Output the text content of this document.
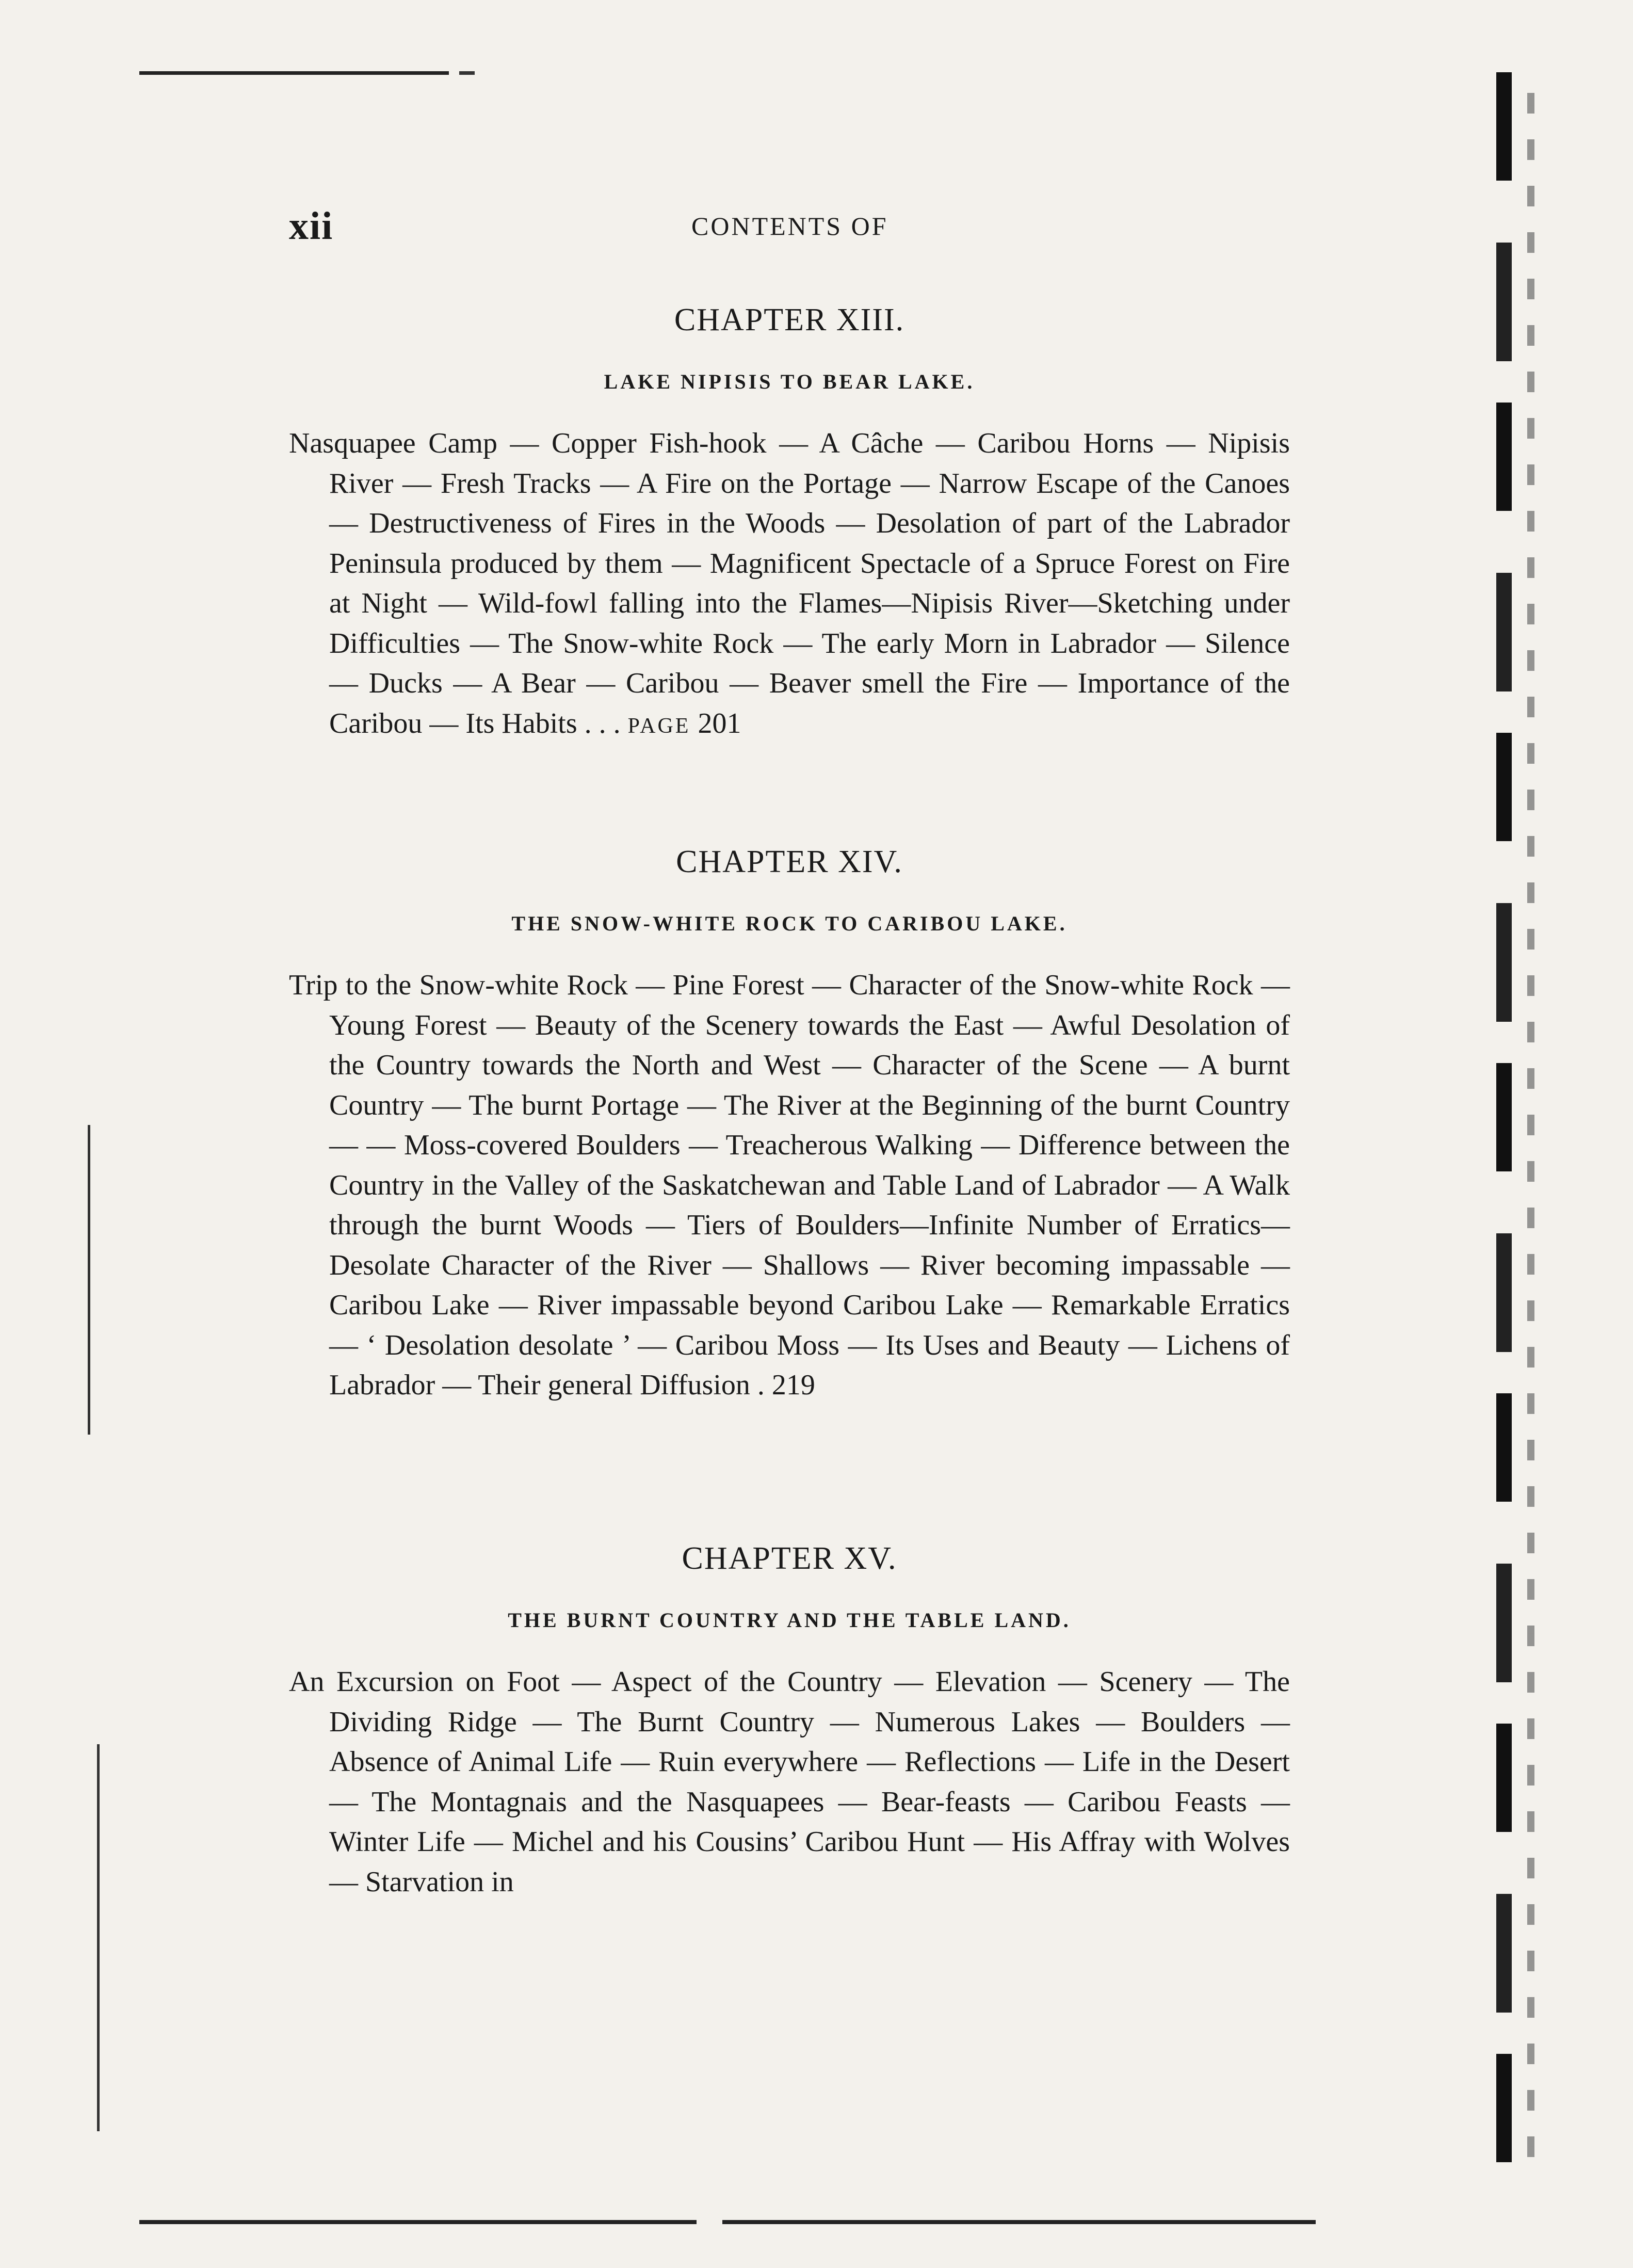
xii	CONTENTS OF
CHAPTER XIII.
LAKE NIPISIS TO BEAR LAKE.

Nasquapee Camp — Copper Fish-hook — A Câche — Caribou Horns — Nipisis River — Fresh Tracks — A Fire on the Portage — Narrow Escape of the Canoes — Destructiveness of Fires in the Woods — Desolation of part of the Labrador Peninsula produced by them — Magnificent Spectacle of a Spruce Forest on Fire at Night — Wild-fowl falling into the Flames—Nipisis River—Sketching under Difficulties — The Snow-white Rock — The early Morn in Labrador — Silence — Ducks — A Bear — Caribou — Beaver smell the Fire — Importance of the Caribou — Its Habits . . . PAGE 201

CHAPTER XIV.
THE SNOW-WHITE ROCK TO CARIBOU LAKE.

Trip to the Snow-white Rock — Pine Forest — Character of the Snow-white Rock — Young Forest — Beauty of the Scenery towards the East — Awful Desolation of the Country towards the North and West — Character of the Scene — A burnt Country — The burnt Portage — The River at the Beginning of the burnt Country — — Moss-covered Boulders — Treacherous Walking — Difference between the Country in the Valley of the Saskatchewan and Table Land of Labrador — A Walk through the burnt Woods — Tiers of Boulders—Infinite Number of Erratics— Desolate Character of the River — Shallows — River becoming impassable — Caribou Lake — River impassable beyond Caribou Lake — Remarkable Erratics — ‘ Desolation desolate ’ — Caribou Moss — Its Uses and Beauty — Lichens of Labrador — Their general Diffusion . 219

CHAPTER XV.
THE BURNT COUNTRY AND THE TABLE LAND.

An Excursion on Foot — Aspect of the Country — Elevation — Scenery — The Dividing Ridge — The Burnt Country — Numerous Lakes — Boulders — Absence of Animal Life — Ruin everywhere — Reflections — Life in the Desert — The Montagnais and the Nasquapees — Bear-feasts — Caribou Feasts — Winter Life — Michel and his Cousins’ Caribou Hunt — His Affray with Wolves — Starvation in
